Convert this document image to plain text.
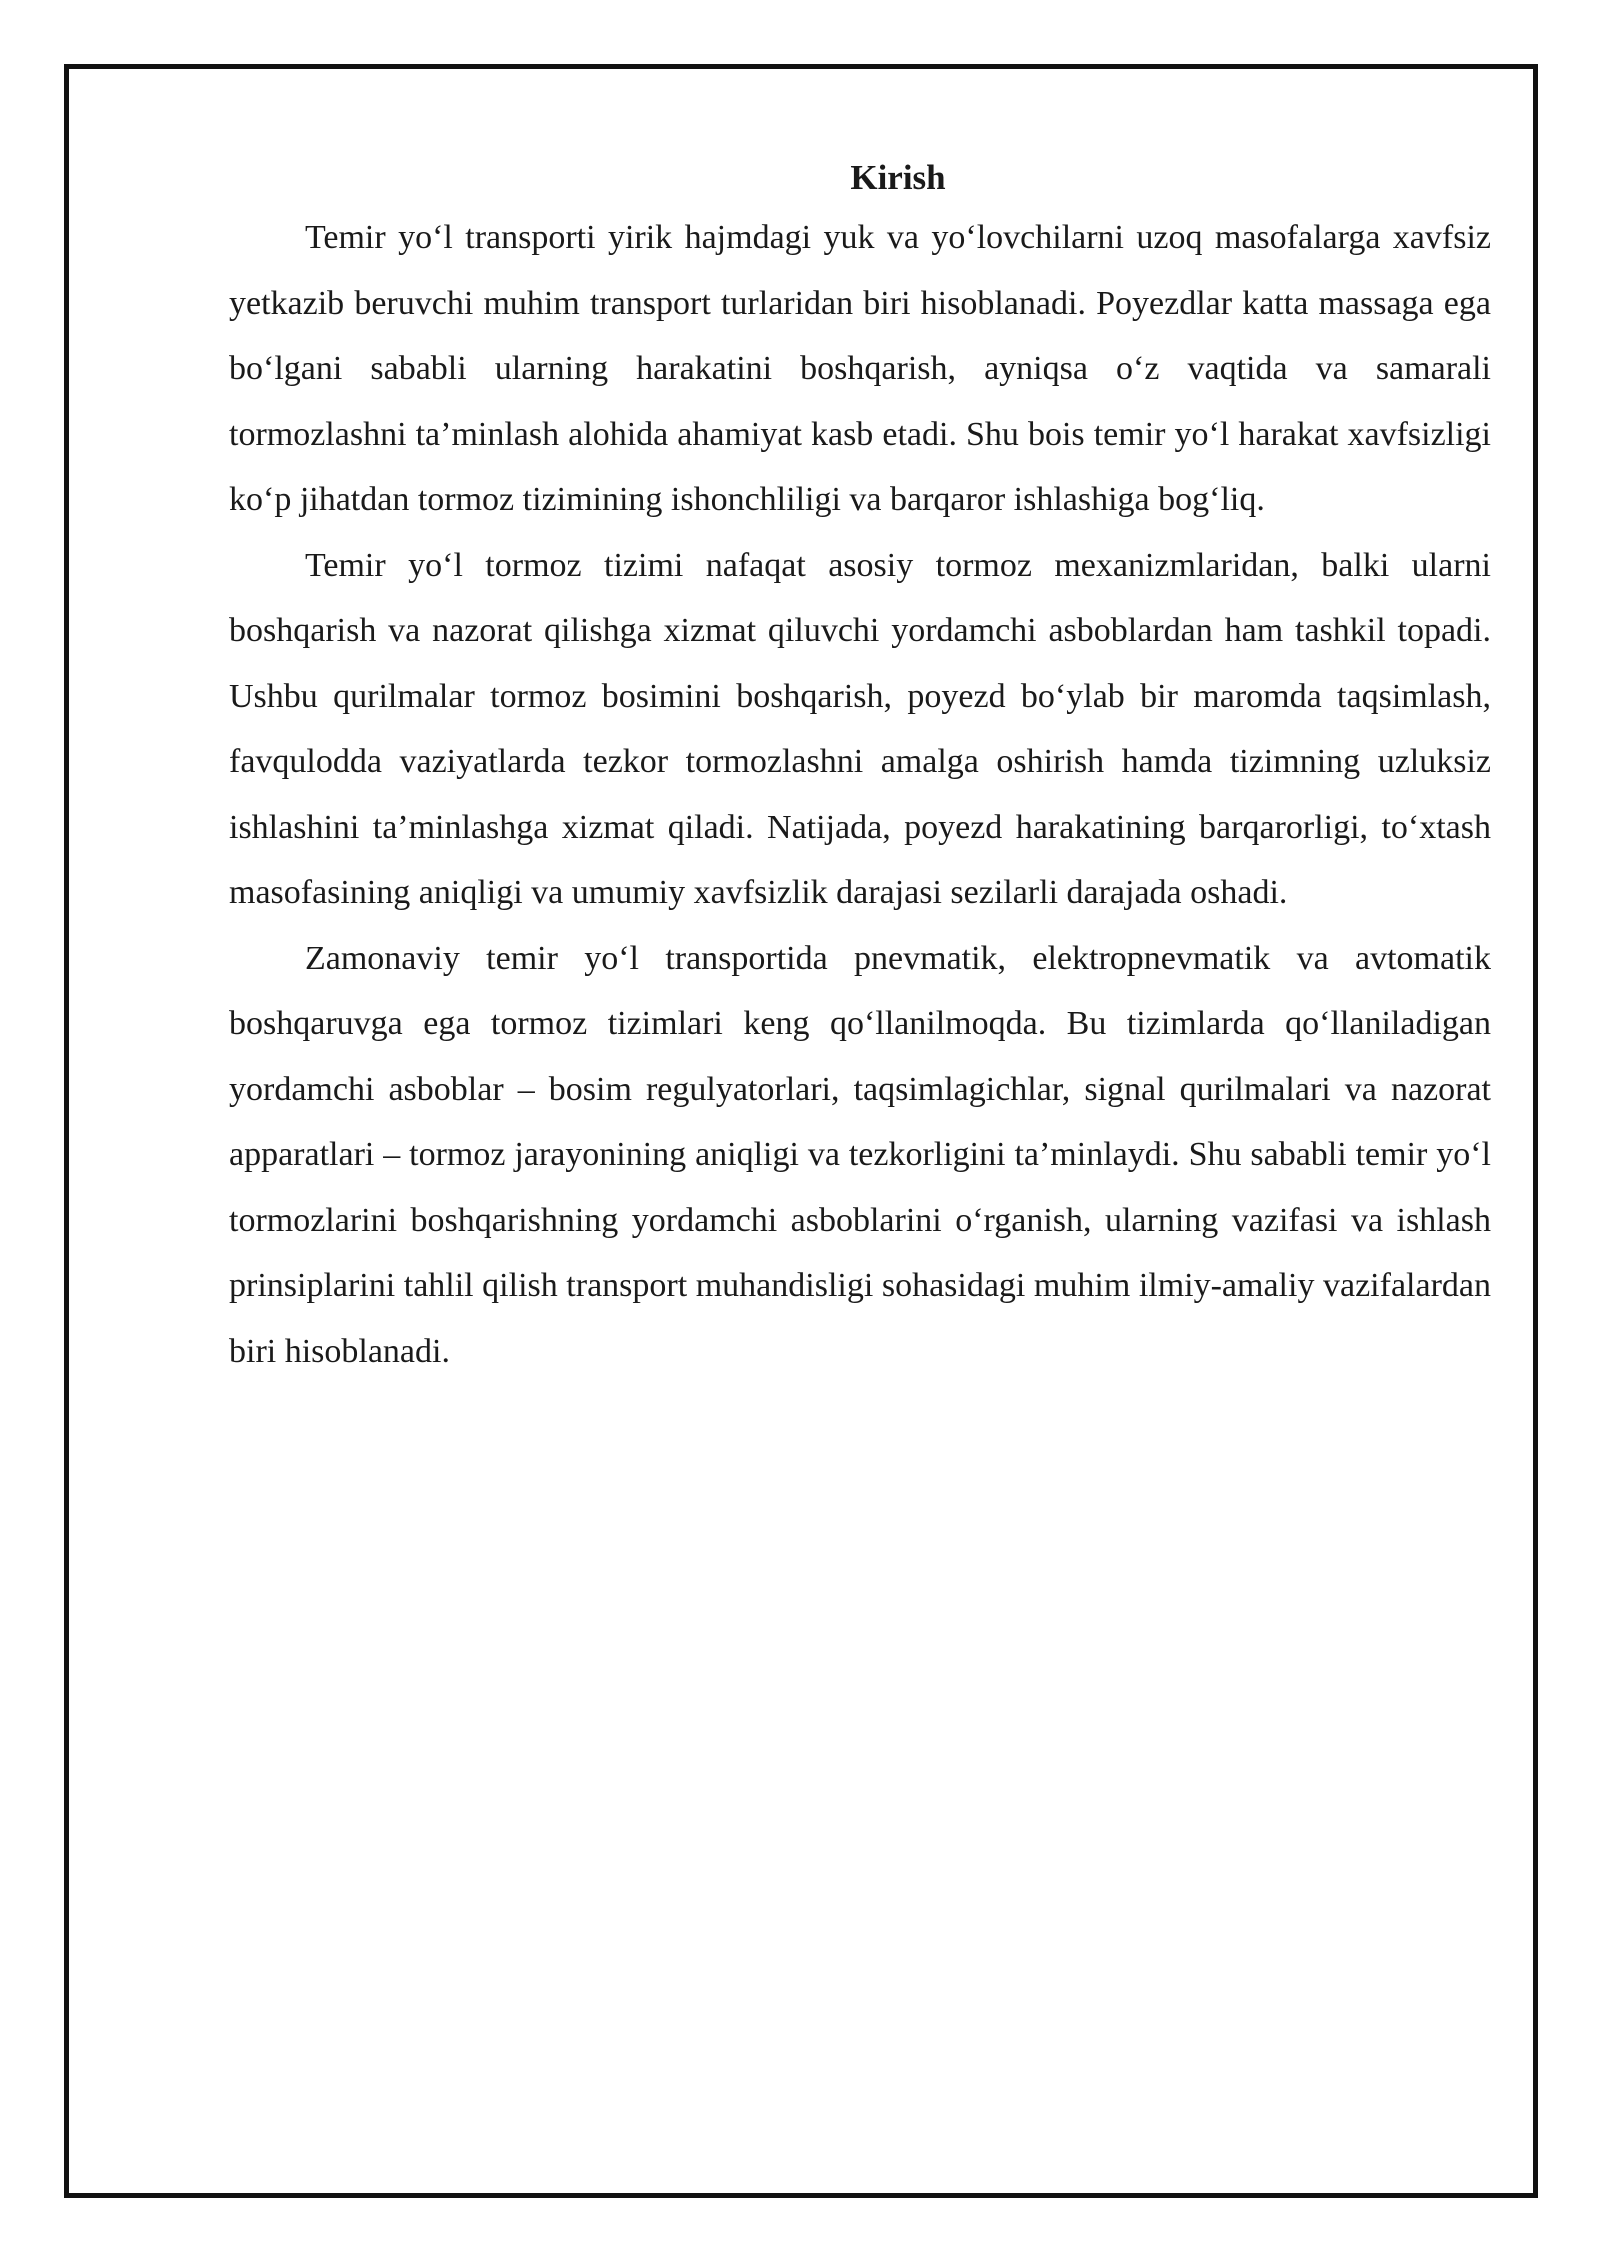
Kirish

Temir yo‘l transporti yirik hajmdagi yuk va yo‘lovchilarni uzoq masofalarga xavfsiz yetkazib beruvchi muhim transport turlaridan biri hisoblanadi. Poyezdlar katta massaga ega bo‘lgani sababli ularning harakatini boshqarish, ayniqsa o‘z vaqtida va samarali tormozlashni ta’minlash alohida ahamiyat kasb etadi. Shu bois temir yo‘l harakat xavfsizligi ko‘p jihatdan tormoz tizimining ishonchliligi va barqaror ishlashiga bog‘liq.

Temir yo‘l tormoz tizimi nafaqat asosiy tormoz mexanizmlaridan, balki ularni boshqarish va nazorat qilishga xizmat qiluvchi yordamchi asboblardan ham tashkil topadi. Ushbu qurilmalar tormoz bosimini boshqarish, poyezd bo‘ylab bir maromda taqsimlash, favqulodda vaziyatlarda tezkor tormozlashni amalga oshirish hamda tizimning uzluksiz ishlashini ta’minlashga xizmat qiladi. Natijada, poyezd harakatining barqarorligi, to‘xtash masofasining aniqligi va umumiy xavfsizlik darajasi sezilarli darajada oshadi.

Zamonaviy temir yo‘l transportida pnevmatik, elektropnevmatik va avtomatik boshqaruvga ega tormoz tizimlari keng qo‘llanilmoqda. Bu tizimlarda qo‘llaniladigan yordamchi asboblar – bosim regulyatorlari, taqsimlagichlar, signal qurilmalari va nazorat apparatlari – tormoz jarayonining aniqligi va tezkorligini ta’minlaydi. Shu sababli temir yo‘l tormozlarini boshqarishning yordamchi asboblarini o‘rganish, ularning vazifasi va ishlash prinsiplarini tahlil qilish transport muhandisligi sohasidagi muhim ilmiy-amaliy vazifalardan biri hisoblanadi.
